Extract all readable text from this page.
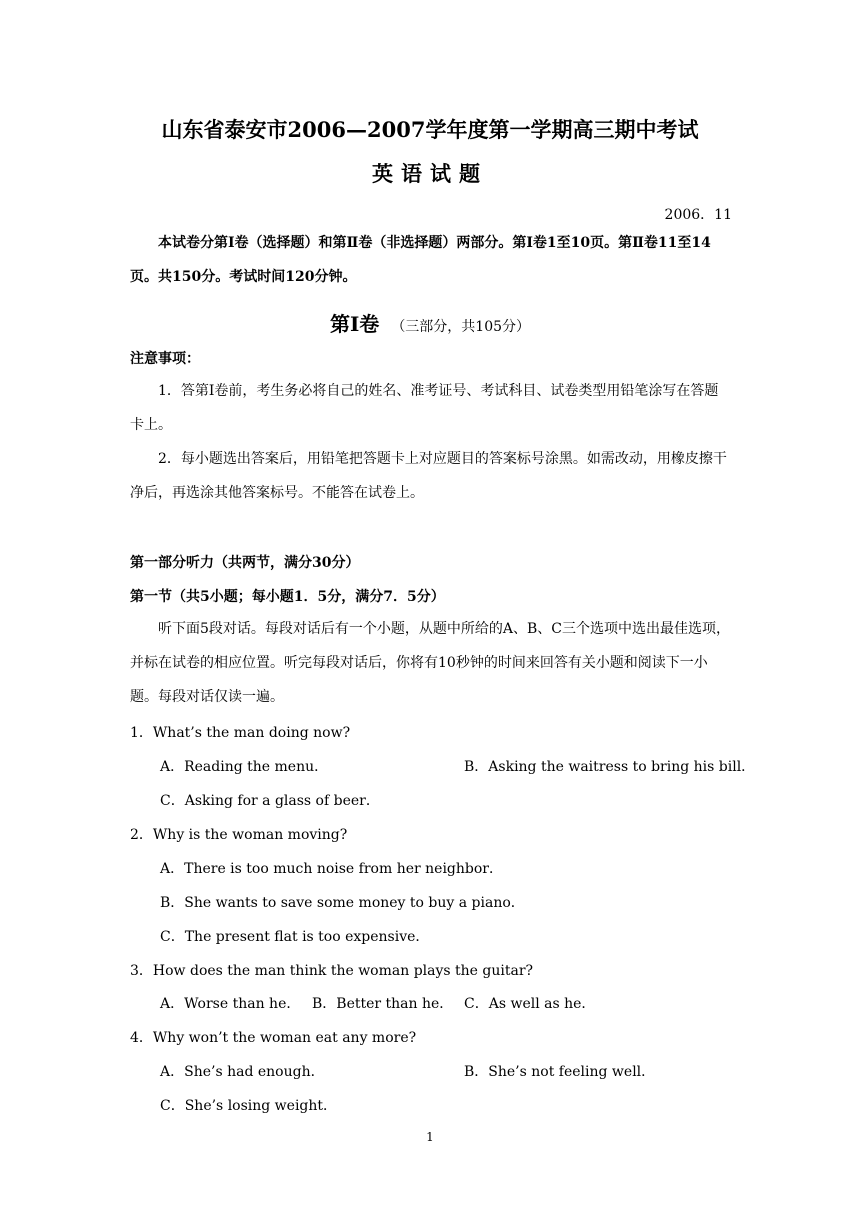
山东省泰安市2006—2007学年度第一学期高三期中考试
英语试题
2006．11
本试卷分第Ⅰ卷（选择题）和第Ⅱ卷（非选择题）两部分。第Ⅰ卷1至10页。第Ⅱ卷11至14页。共150分。考试时间120分钟。
第Ⅰ卷 （三部分，共105分）
注意事项：
1．答第Ⅰ卷前，考生务必将自己的姓名、准考证号、考试科目、试卷类型用铅笔涂写在答题卡上。
2．每小题选出答案后，用铅笔把答题卡上对应题目的答案标号涂黑。如需改动，用橡皮擦干净后，再选涂其他答案标号。不能答在试卷上。
第一部分听力（共两节，满分30分）
第一节（共5小题；每小题1．5分，满分7．5分）
听下面5段对话。每段对话后有一个小题，从题中所给的A、B、C三个选项中选出最佳选项，并标在试卷的相应位置。听完每段对话后，你将有10秒钟的时间来回答有关小题和阅读下一小题。每段对话仅读一遍。
1．What’s the man doing now?
A．Reading the menu．	B．Asking the waitress to bring his bill．
C．Asking for a glass of beer．
2．Why is the woman moving?
A．There is too much noise from her neighbor．
B．She wants to save some money to buy a piano．
C．The present flat is too expensive．
3．How does the man think the woman plays the guitar?
A．Worse than he． B．Better than he． C．As well as he．
4．Why won’t the woman eat any more?
A．She’s had enough．	B．She’s not feeling well．
C．She’s losing weight．
1
